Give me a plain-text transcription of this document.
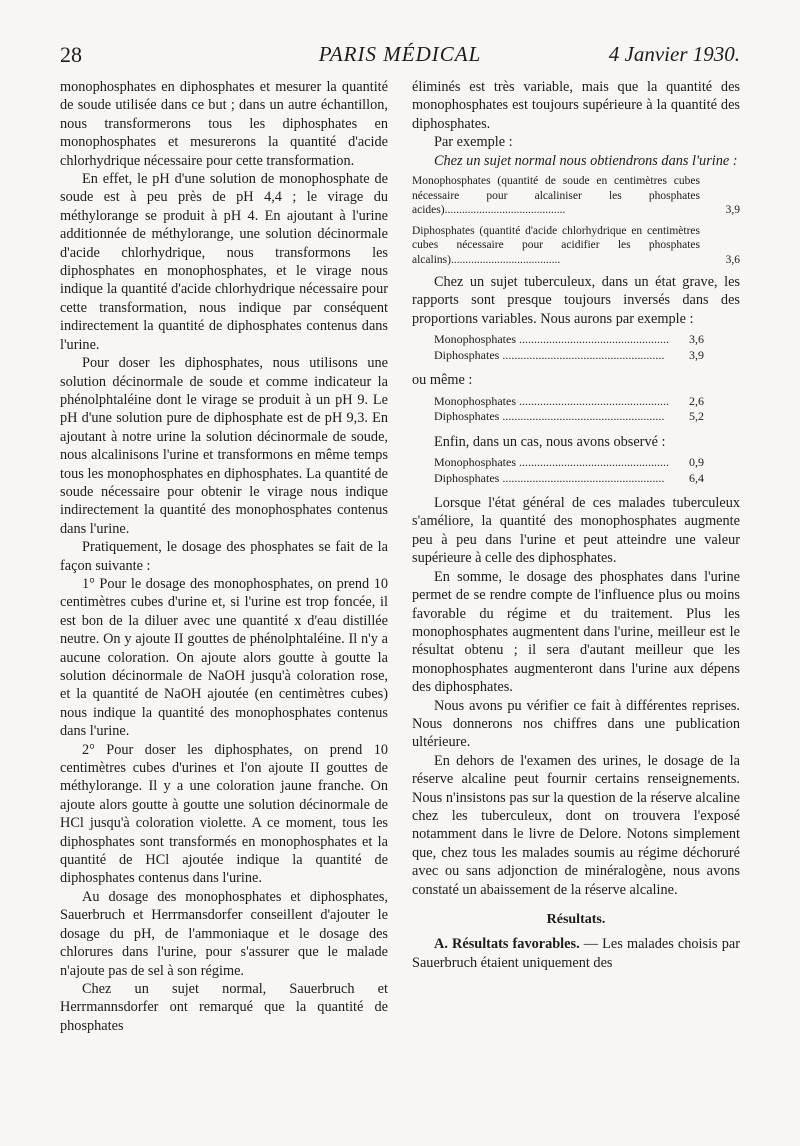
28	PARIS MÉDICAL	4 Janvier 1930.

monophosphates en diphosphates et mesurer la quantité de soude utilisée dans ce but ; dans un autre échantillon, nous transformerons tous les diphosphates en monophosphates et mesurerons la quantité d'acide chlorhydrique nécessaire pour cette transformation.

En effet, le pH d'une solution de monophosphate de soude est à peu près de pH 4,4 ; le virage du méthylorange se produit à pH 4. En ajoutant à l'urine additionnée de méthylorange, une solution décinormale d'acide chlorhydrique, nous transformons les diphosphates en monophosphates, et le virage nous indique la quantité d'acide chlorhydrique nécessaire pour cette transformation, nous indique par conséquent indirectement la quantité de diphosphates contenus dans l'urine.

Pour doser les diphosphates, nous utilisons une solution décinormale de soude et comme indicateur la phénolphtaléine dont le virage se produit à un pH 9. Le pH d'une solution pure de diphosphate est de pH 9,3. En ajoutant à notre urine la solution décinormale de soude, nous alcalinisons l'urine et transformons en même temps tous les monophosphates en diphosphates. La quantité de soude nécessaire pour obtenir le virage nous indique indirectement la quantité des monophosphates contenus dans l'urine.

Pratiquement, le dosage des phosphates se fait de la façon suivante :

1° Pour le dosage des monophosphates, on prend 10 centimètres cubes d'urine et, si l'urine est trop foncée, il est bon de la diluer avec une quantité x d'eau distillée neutre. On y ajoute II gouttes de phénolphtaléine. Il n'y a aucune coloration. On ajoute alors goutte à goutte la solution décinormale de NaOH jusqu'à coloration rose, et la quantité de NaOH ajoutée (en centimètres cubes) nous indique la quantité des monophosphates contenus dans l'urine.

2° Pour doser les diphosphates, on prend 10 centimètres cubes d'urines et l'on ajoute II gouttes de méthylorange. Il y a une coloration jaune franche. On ajoute alors goutte à goutte une solution décinormale de HCl jusqu'à coloration violette. A ce moment, tous les diphosphates sont transformés en monophosphates et la quantité de HCl ajoutée indique la quantité de diphosphates contenus dans l'urine.

Au dosage des monophosphates et diphosphates, Sauerbruch et Herrmansdorfer conseillent d'ajouter le dosage du pH, de l'ammoniaque et le dosage des chlorures dans l'urine, pour s'assurer que le malade n'ajoute pas de sel à son régime.

Chez un sujet normal, Sauerbruch et Herrmannsdorfer ont remarqué que la quantité de phosphates

éliminés est très variable, mais que la quantité des monophosphates est toujours supérieure à la quantité des diphosphates.

Par exemple :

Chez un sujet normal nous obtiendrons dans l'urine :

Monophosphates (quantité de soude en centimètres cubes nécessaire pour alcaliniser les phosphates acides)..........................................	3,9
Diphosphates (quantité d'acide chlorhydrique en centimètres cubes nécessaire pour acidifier les phosphates alcalins)......................................	3,6

Chez un sujet tuberculeux, dans un état grave, les rapports sont presque toujours inversés dans des proportions variables. Nous aurons par exemple :

Monophosphates .....	3,6
Diphosphates .....	3,9

ou même :

Monophosphates .....	2,6
Diphosphates .....	5,2

Enfin, dans un cas, nous avons observé :

Monophosphates .....	0,9
Diphosphates .....	6,4

Lorsque l'état général de ces malades tuberculeux s'améliore, la quantité des monophosphates augmente peu à peu dans l'urine et peut atteindre une valeur supérieure à celle des diphosphates.

En somme, le dosage des phosphates dans l'urine permet de se rendre compte de l'influence plus ou moins favorable du régime et du traitement. Plus les monophosphates augmentent dans l'urine, meilleur est le résultat obtenu ; il sera d'autant meilleur que les monophosphates augmenteront dans l'urine aux dépens des diphosphates.

Nous avons pu vérifier ce fait à différentes reprises. Nous donnerons nos chiffres dans une publication ultérieure.

En dehors de l'examen des urines, le dosage de la réserve alcaline peut fournir certains renseignements. Nous n'insistons pas sur la question de la réserve alcaline chez les tuberculeux, dont on trouvera l'exposé notamment dans le livre de Delore. Notons simplement que, chez tous les malades soumis au régime déchoruré avec ou sans adjonction de minéralogène, nous avons constaté un abaissement de la réserve alcaline.

Résultats.

A. Résultats favorables. — Les malades choisis par Sauerbruch étaient uniquement des
